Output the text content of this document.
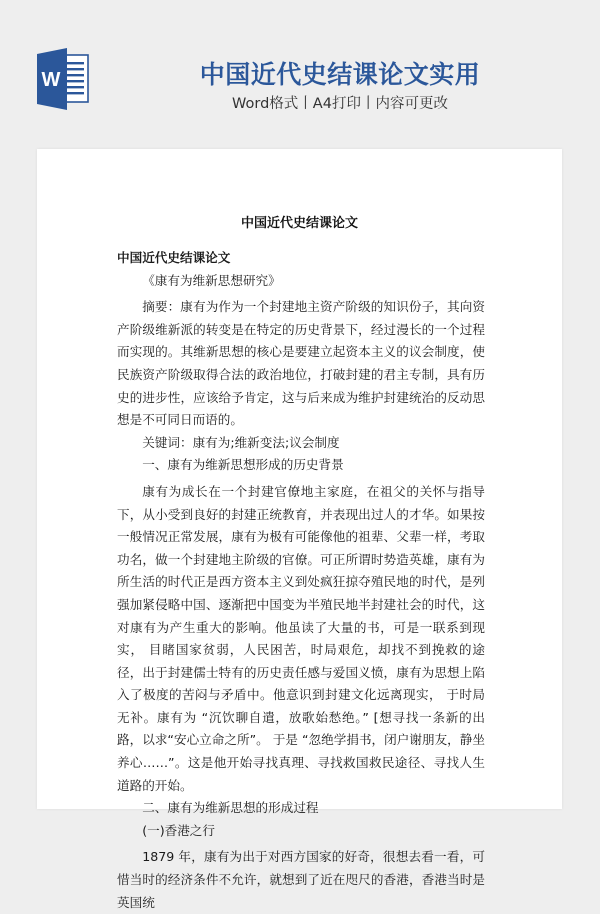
W	中国近代史结课论文实用
Word格式丨A4打印丨内容可更改
中国近代史结课论文

中国近代史结课论文

《康有为维新思想研究》

摘要：康有为作为一个封建地主资产阶级的知识份子，其向资产阶级维新派的转变是在特定的历史背景下，经过漫长的一个过程而实现的。其维新思想的核心是要建立起资本主义的议会制度，使民族资产阶级取得合法的政治地位，打破封建的君主专制，具有历史的进步性，应该给予肯定，这与后来成为维护封建统治的反动思想是不可同日而语的。

关键词：康有为;维新变法;议会制度

一、康有为维新思想形成的历史背景

康有为成长在一个封建官僚地主家庭，在祖父的关怀与指导下，从小受到良好的封建正统教育，并表现出过人的才华。如果按一般情况正常发展，康有为极有可能像他的祖辈、父辈一样，考取功名，做一个封建地主阶级的官僚。可正所谓时势造英雄，康有为所生活的时代正是西方资本主义到处疯狂掠夺殖民地的时代，是列强加紧侵略中国、逐渐把中国变为半殖民地半封建社会的时代，这对康有为产生重大的影响。他虽读了大量的书，可是一联系到现实， 目睹国家贫弱，人民困苦，时局艰危，却找不到挽救的途径，出于封建儒士特有的历史责任感与爱国义愤，康有为思想上陷入了极度的苦闷与矛盾中。他意识到封建文化远离现实， 于时局无补。康有为 “沉饮聊自遣，放歌始愁绝。” [想寻找一条新的出路，以求“安心立命之所”。 于是 “忽绝学捐书，闭户谢朋友，静坐养心……”。这是他开始寻找真理、寻找救国救民途径、寻找人生道路的开始。

二、康有为维新思想的形成过程

(一)香港之行

1879 年，康有为出于对西方国家的好奇，很想去看一看，可惜当时的经济条件不允许，就想到了近在咫尺的香港，香港当时是英国统
